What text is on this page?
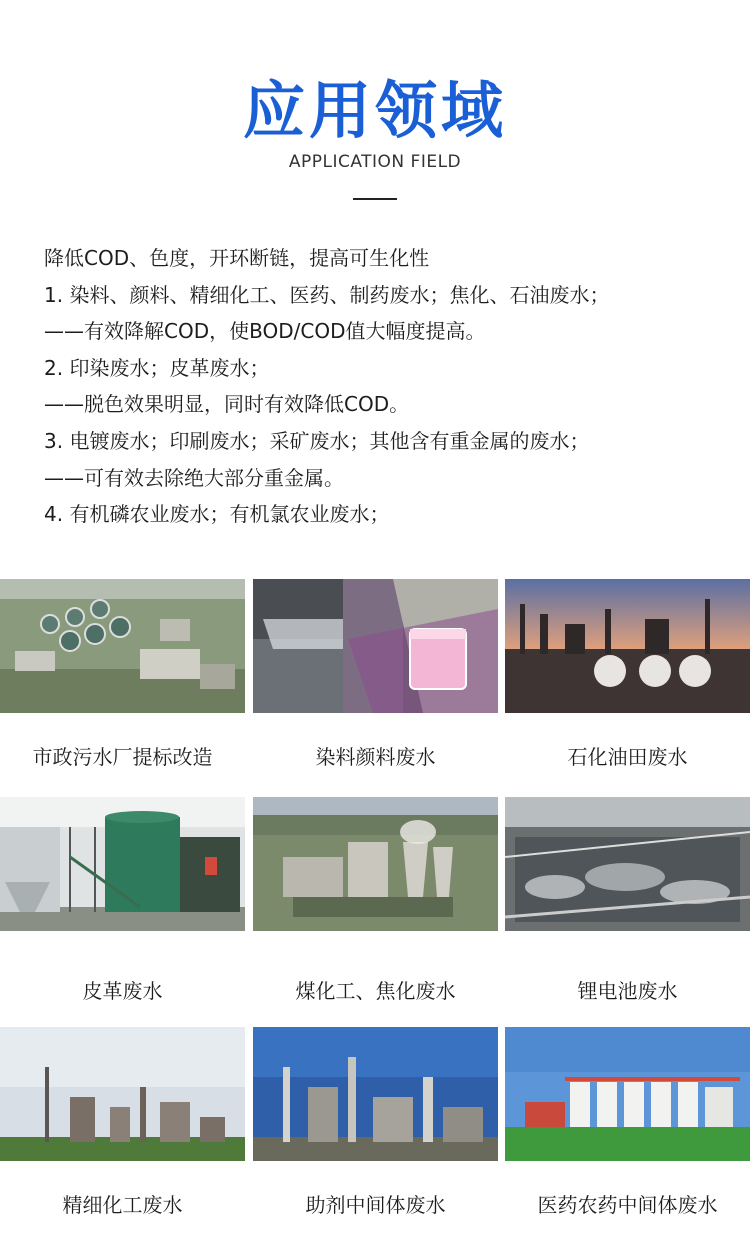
应用领域
APPLICATION FIELD
降低COD、色度，开环断链，提高可生化性
1. 染料、颜料、精细化工、医药、制药废水；焦化、石油废水；
——有效降解COD，使BOD/COD值大幅度提高。
2. 印染废水；皮革废水；
——脱色效果明显，同时有效降低COD。
3. 电镀废水；印刷废水；采矿废水；其他含有重金属的废水；
——可有效去除绝大部分重金属。
4. 有机磷农业废水；有机氯农业废水；
市政污水厂提标改造	染料颜料废水	石化油田废水
皮革废水	煤化工、焦化废水	锂电池废水
精细化工废水	助剂中间体废水	医药农药中间体废水
